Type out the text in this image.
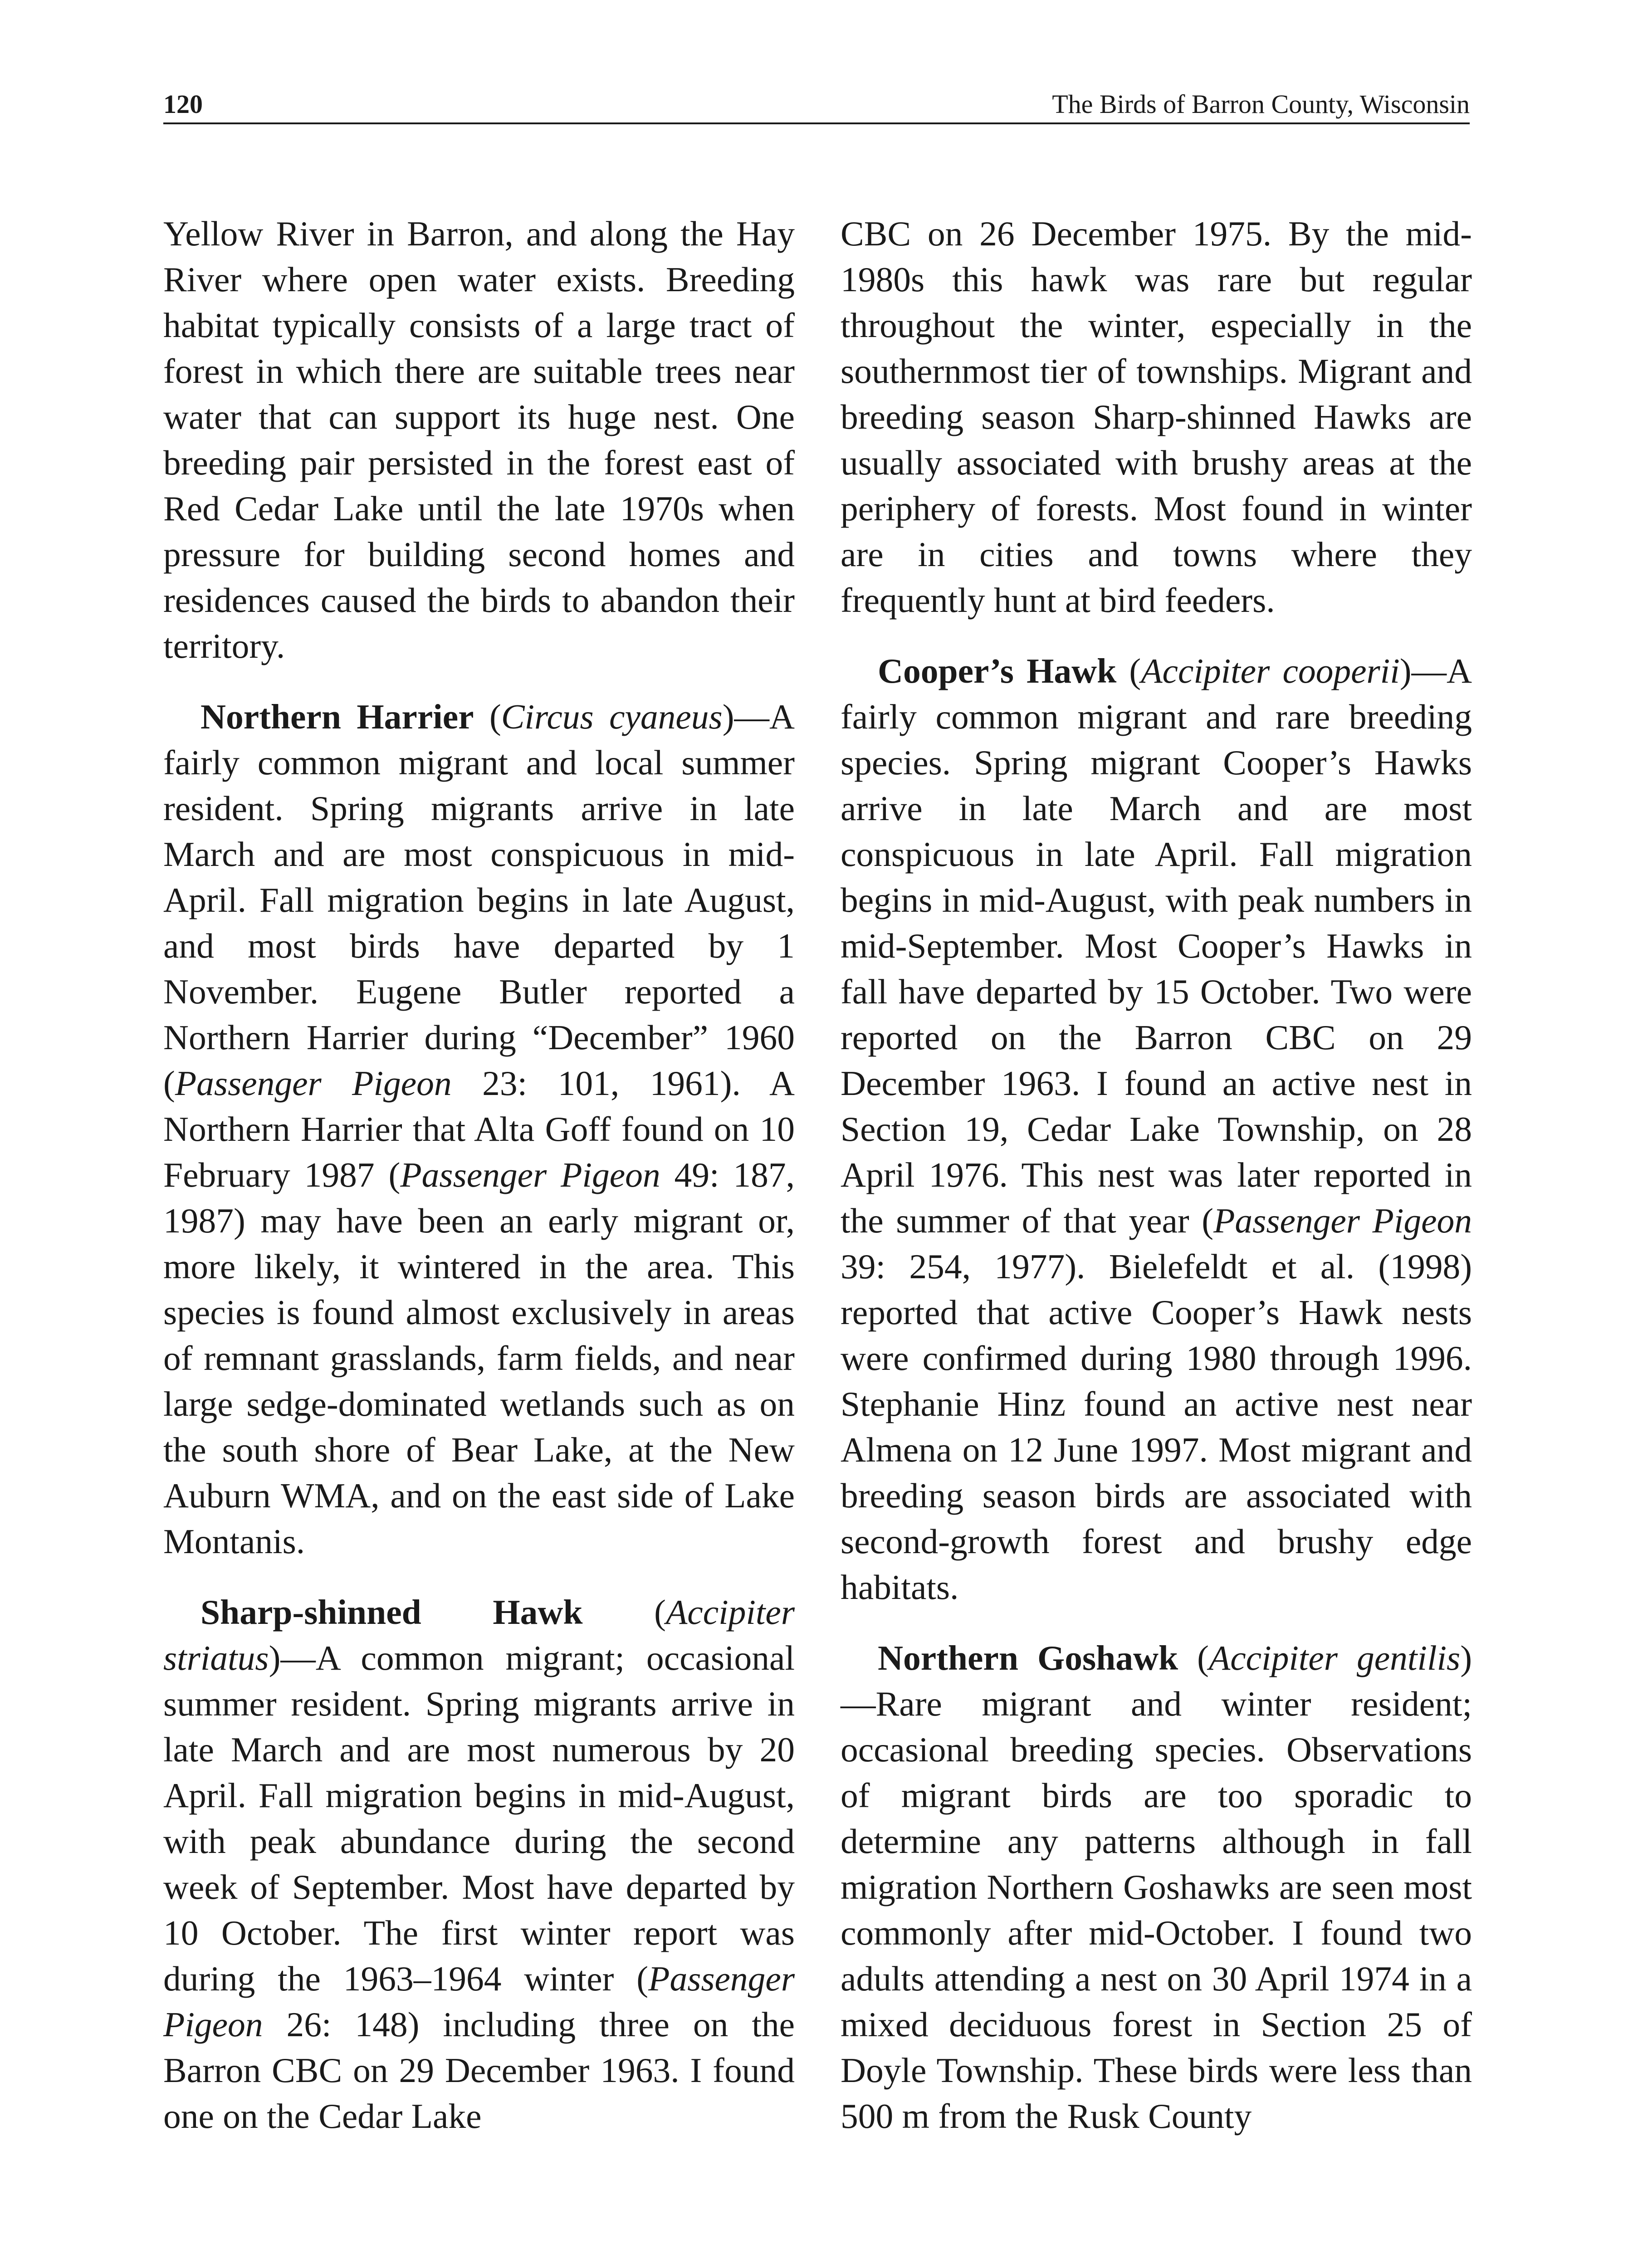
120	The Birds of Barron County, Wisconsin

Yellow River in Barron, and along the Hay River where open water exists. Breeding habitat typically consists of a large tract of forest in which there are suitable trees near water that can support its huge nest. One breeding pair persisted in the forest east of Red Cedar Lake until the late 1970s when pressure for building second homes and residences caused the birds to abandon their territory.

Northern Harrier (Circus cyaneus)—A fairly common migrant and local summer resident. Spring migrants arrive in late March and are most conspicuous in mid-April. Fall migration begins in late August, and most birds have departed by 1 November. Eugene Butler reported a Northern Harrier during “December” 1960 (Passenger Pigeon 23: 101, 1961). A Northern Harrier that Alta Goff found on 10 February 1987 (Passenger Pigeon 49: 187, 1987) may have been an early migrant or, more likely, it wintered in the area. This species is found almost exclusively in areas of remnant grasslands, farm fields, and near large sedge-dominated wetlands such as on the south shore of Bear Lake, at the New Auburn WMA, and on the east side of Lake Montanis.

Sharp-shinned Hawk (Accipiter striatus)—A common migrant; occasional summer resident. Spring migrants arrive in late March and are most numerous by 20 April. Fall migration begins in mid-August, with peak abundance during the second week of September. Most have departed by 10 October. The first winter report was during the 1963–1964 winter (Passenger Pigeon 26: 148) including three on the Barron CBC on 29 December 1963. I found one on the Cedar Lake

CBC on 26 December 1975. By the mid-1980s this hawk was rare but regular throughout the winter, especially in the southernmost tier of townships. Migrant and breeding season Sharp-shinned Hawks are usually associated with brushy areas at the periphery of forests. Most found in winter are in cities and towns where they frequently hunt at bird feeders.

Cooper’s Hawk (Accipiter cooperii)—A fairly common migrant and rare breeding species. Spring migrant Cooper’s Hawks arrive in late March and are most conspicuous in late April. Fall migration begins in mid-August, with peak numbers in mid-September. Most Cooper’s Hawks in fall have departed by 15 October. Two were reported on the Barron CBC on 29 December 1963. I found an active nest in Section 19, Cedar Lake Township, on 28 April 1976. This nest was later reported in the summer of that year (Passenger Pigeon 39: 254, 1977). Bielefeldt et al. (1998) reported that active Cooper’s Hawk nests were confirmed during 1980 through 1996. Stephanie Hinz found an active nest near Almena on 12 June 1997. Most migrant and breeding season birds are associated with second-growth forest and brushy edge habitats.

Northern Goshawk (Accipiter gentilis)—Rare migrant and winter resident; occasional breeding species. Observations of migrant birds are too sporadic to determine any patterns although in fall migration Northern Goshawks are seen most commonly after mid-October. I found two adults attending a nest on 30 April 1974 in a mixed deciduous forest in Section 25 of Doyle Township. These birds were less than 500 m from the Rusk County
